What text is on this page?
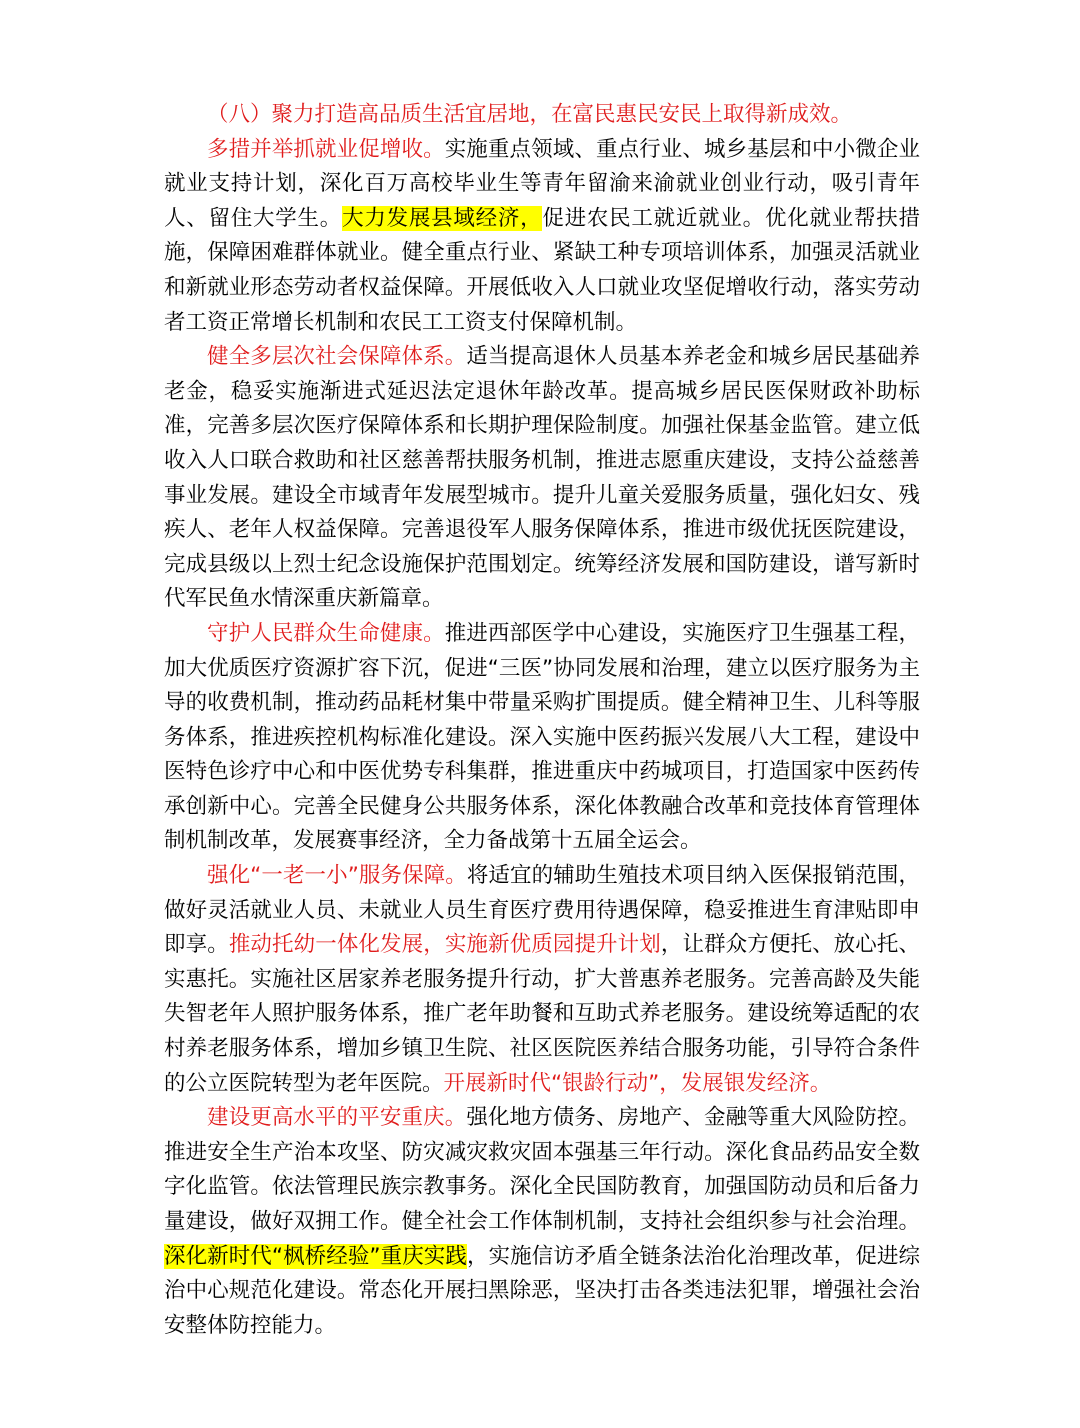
（八）聚力打造高品质生活宜居地，在富民惠民安民上取得新成效。

多措并举抓就业促增收。实施重点领域、重点行业、城乡基层和中小微企业就业支持计划，深化百万高校毕业生等青年留渝来渝就业创业行动，吸引青年人、留住大学生。大力发展县域经济，促进农民工就近就业。优化就业帮扶措施，保障困难群体就业。健全重点行业、紧缺工种专项培训体系，加强灵活就业和新就业形态劳动者权益保障。开展低收入人口就业攻坚促增收行动，落实劳动者工资正常增长机制和农民工工资支付保障机制。

健全多层次社会保障体系。适当提高退休人员基本养老金和城乡居民基础养老金，稳妥实施渐进式延迟法定退休年龄改革。提高城乡居民医保财政补助标准，完善多层次医疗保障体系和长期护理保险制度。加强社保基金监管。建立低收入人口联合救助和社区慈善帮扶服务机制，推进志愿重庆建设，支持公益慈善事业发展。建设全市域青年发展型城市。提升儿童关爱服务质量，强化妇女、残疾人、老年人权益保障。完善退役军人服务保障体系，推进市级优抚医院建设，完成县级以上烈士纪念设施保护范围划定。统筹经济发展和国防建设，谱写新时代军民鱼水情深重庆新篇章。

守护人民群众生命健康。推进西部医学中心建设，实施医疗卫生强基工程，加大优质医疗资源扩容下沉，促进“三医”协同发展和治理，建立以医疗服务为主导的收费机制，推动药品耗材集中带量采购扩围提质。健全精神卫生、儿科等服务体系，推进疾控机构标准化建设。深入实施中医药振兴发展八大工程，建设中医特色诊疗中心和中医优势专科集群，推进重庆中药城项目，打造国家中医药传承创新中心。完善全民健身公共服务体系，深化体教融合改革和竞技体育管理体制机制改革，发展赛事经济，全力备战第十五届全运会。

强化“一老一小”服务保障。将适宜的辅助生殖技术项目纳入医保报销范围，做好灵活就业人员、未就业人员生育医疗费用待遇保障，稳妥推进生育津贴即申即享。推动托幼一体化发展，实施新优质园提升计划，让群众方便托、放心托、实惠托。实施社区居家养老服务提升行动，扩大普惠养老服务。完善高龄及失能失智老年人照护服务体系，推广老年助餐和互助式养老服务。建设统筹适配的农村养老服务体系，增加乡镇卫生院、社区医院医养结合服务功能，引导符合条件的公立医院转型为老年医院。开展新时代“银龄行动”，发展银发经济。

建设更高水平的平安重庆。强化地方债务、房地产、金融等重大风险防控。推进安全生产治本攻坚、防灾减灾救灾固本强基三年行动。深化食品药品安全数字化监管。依法管理民族宗教事务。深化全民国防教育，加强国防动员和后备力量建设，做好双拥工作。健全社会工作体制机制，支持社会组织参与社会治理。深化新时代“枫桥经验”重庆实践，实施信访矛盾全链条法治化治理改革，促进综治中心规范化建设。常态化开展扫黑除恶，坚决打击各类违法犯罪，增强社会治安整体防控能力。
